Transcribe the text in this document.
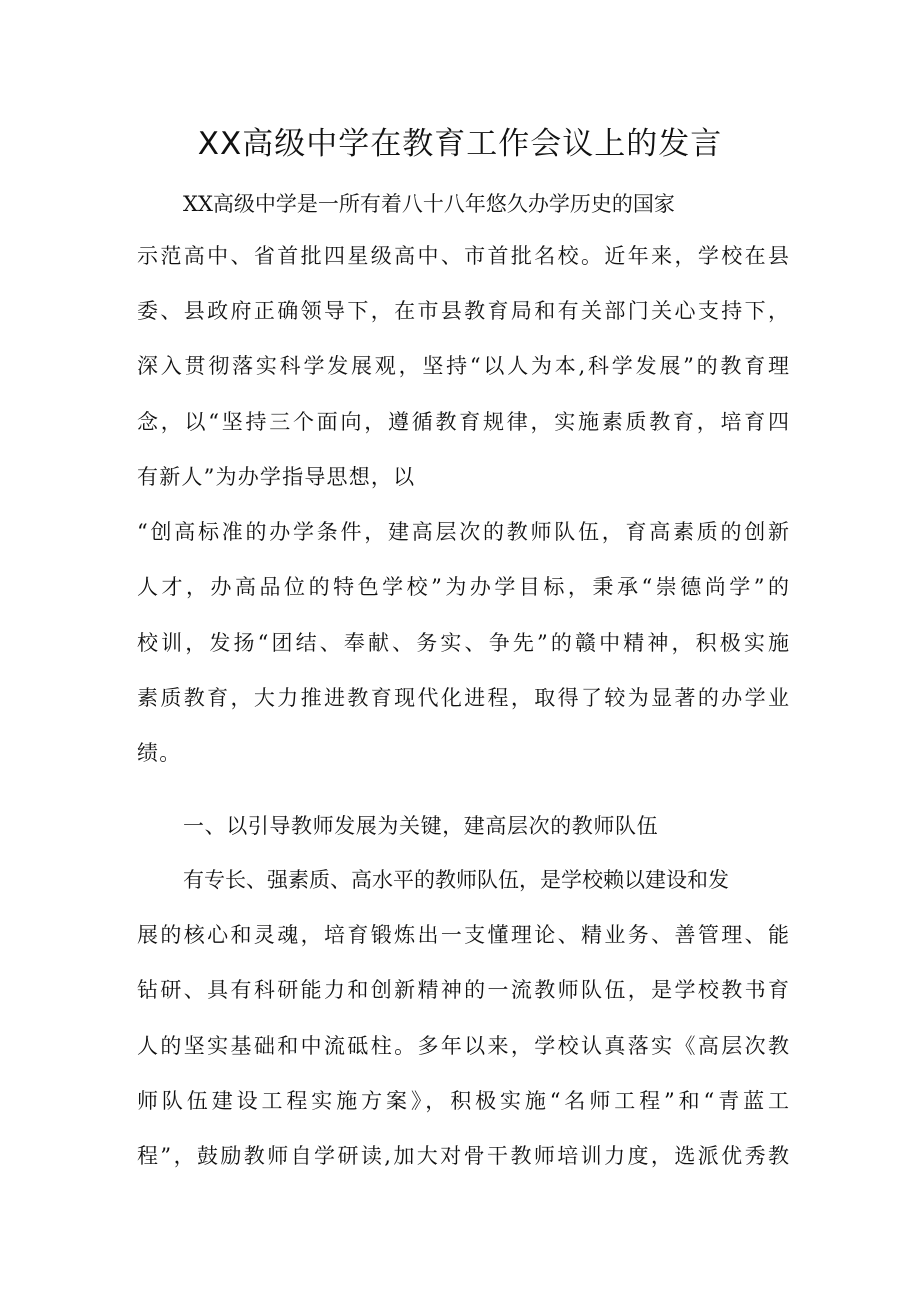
XX高级中学在教育工作会议上的发言
XX高级中学是一所有着八十八年悠久办学历史的国家
示范高中、省首批四星级高中、市首批名校。近年来，学校在县
委、县政府正确领导下，在市县教育局和有关部门关心支持下，
深入贯彻落实科学发展观，坚持“以人为本,科学发展”的教育理
念，以“坚持三个面向，遵循教育规律，实施素质教育，培育四
有新人”为办学指导思想，以
“创高标准的办学条件，建高层次的教师队伍，育高素质的创新
人才，办高品位的特色学校”为办学目标，秉承“崇德尚学”的
校训，发扬“团结、奉献、务实、争先”的赣中精神，积极实施
素质教育，大力推进教育现代化进程，取得了较为显著的办学业
绩。
一、以引导教师发展为关键，建高层次的教师队伍
有专长、强素质、高水平的教师队伍，是学校赖以建设和发
展的核心和灵魂，培育锻炼出一支懂理论、精业务、善管理、能
钻研、具有科研能力和创新精神的一流教师队伍，是学校教书育
人的坚实基础和中流砥柱。多年以来，学校认真落实《高层次教
师队伍建设工程实施方案》，积极实施“名师工程”和“青蓝工
程”，鼓励教师自学研读,加大对骨干教师培训力度，选派优秀教
